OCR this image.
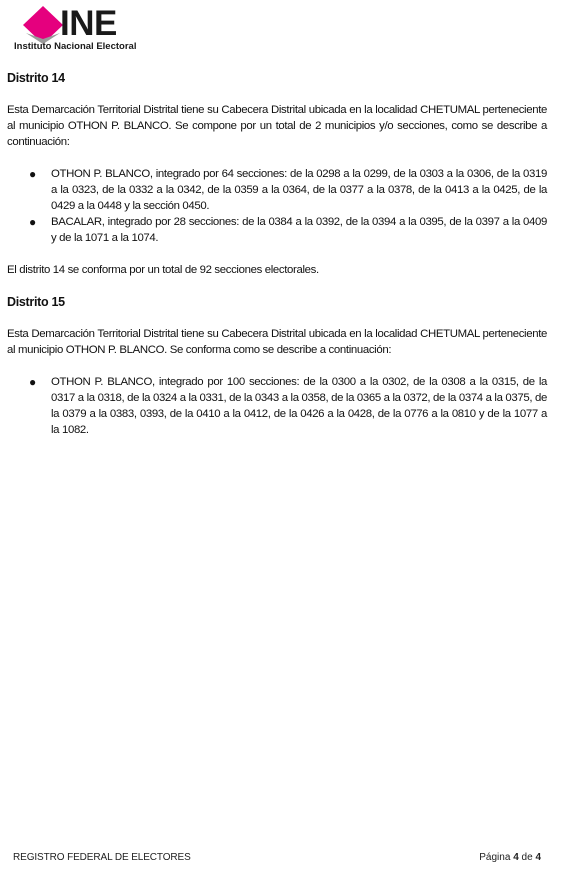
INE
Instituto Nacional Electoral
Distrito 14

Esta Demarcación Territorial Distrital tiene su Cabecera Distrital ubicada en la localidad CHETUMAL perteneciente al municipio OTHON P. BLANCO. Se compone por un total de 2 municipios y/o secciones, como se describe a continuación:

● OTHON P. BLANCO, integrado por 64 secciones: de la 0298 a la 0299, de la 0303 a la 0306, de la 0319 a la 0323, de la 0332 a la 0342, de la 0359 a la 0364, de la 0377 a la 0378, de la 0413 a la 0425, de la 0429 a la 0448 y la sección 0450.
● BACALAR, integrado por 28 secciones: de la 0384 a la 0392, de la 0394 a la 0395, de la 0397 a la 0409 y de la 1071 a la 1074.

El distrito 14 se conforma por un total de 92 secciones electorales.

Distrito 15

Esta Demarcación Territorial Distrital tiene su Cabecera Distrital ubicada en la localidad CHETUMAL perteneciente al municipio OTHON P. BLANCO. Se conforma como se describe a continuación:

● OTHON P. BLANCO, integrado por 100 secciones: de la 0300 a la 0302, de la 0308 a la 0315, de la 0317 a la 0318, de la 0324 a la 0331, de la 0343 a la 0358, de la 0365 a la 0372, de la 0374 a la 0375, de la 0379 a la 0383, 0393, de la 0410 a la 0412, de la 0426 a la 0428, de la 0776 a la 0810 y de la 1077 a la 1082.
REGISTRO FEDERAL DE ELECTORES	Página 4 de 4
